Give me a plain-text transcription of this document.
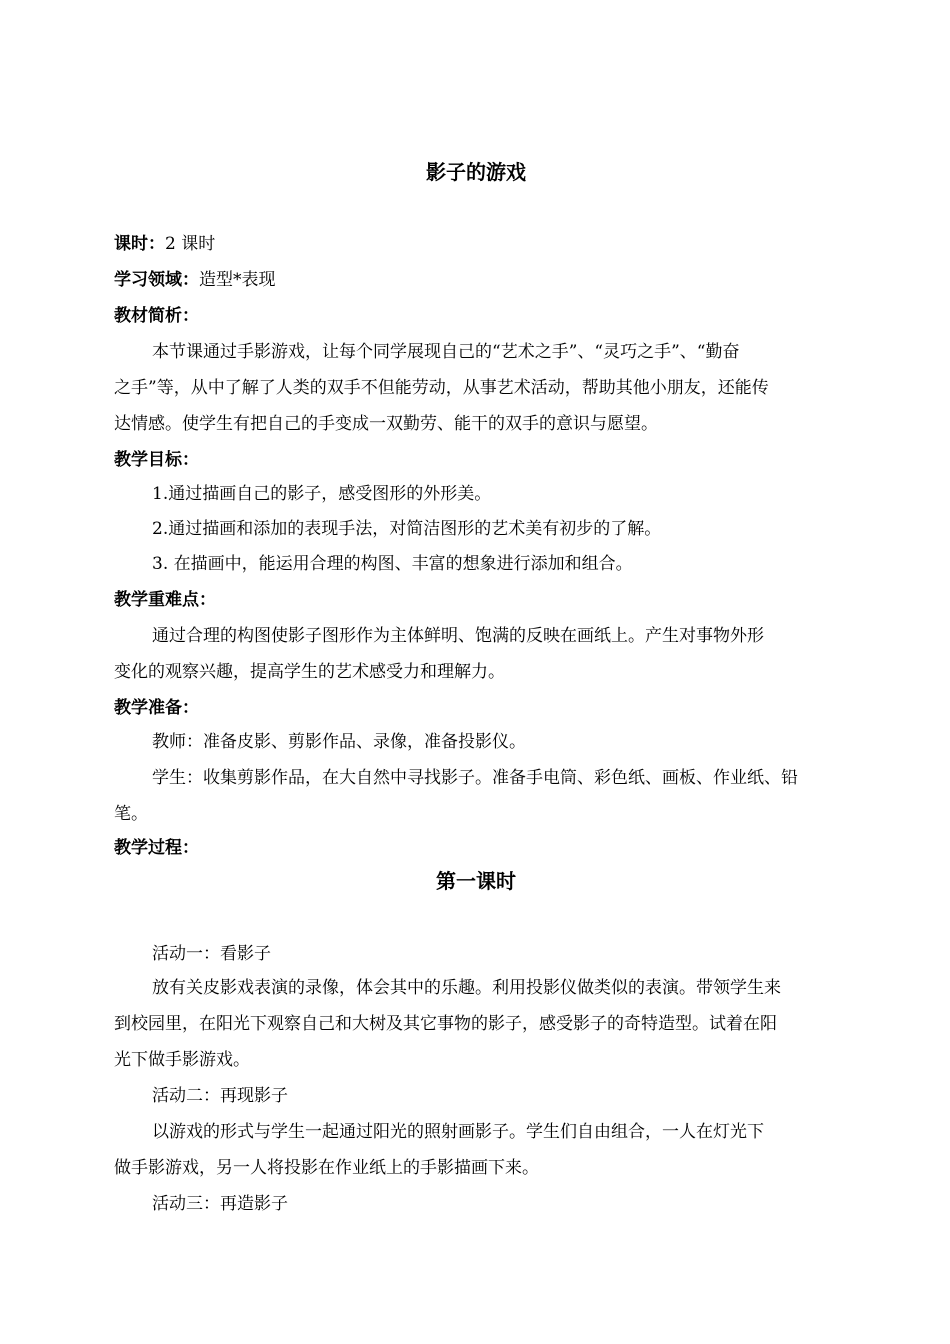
影子的游戏
课时：2 课时
学习领域：造型*表现
教材简析：
本节课通过手影游戏，让每个同学展现自己的“艺术之手”、“灵巧之手”、“勤奋
之手”等，从中了解了人类的双手不但能劳动，从事艺术活动，帮助其他小朋友，还能传
达情感。使学生有把自己的手变成一双勤劳、能干的双手的意识与愿望。
教学目标：
1.通过描画自己的影子，感受图形的外形美。
2.通过描画和添加的表现手法，对简洁图形的艺术美有初步的了解。
3. 在描画中，能运用合理的构图、丰富的想象进行添加和组合。
教学重难点：
通过合理的构图使影子图形作为主体鲜明、饱满的反映在画纸上。产生对事物外形
变化的观察兴趣，提高学生的艺术感受力和理解力。
教学准备：
教师：准备皮影、剪影作品、录像，准备投影仪。
学生：收集剪影作品，在大自然中寻找影子。准备手电筒、彩色纸、画板、作业纸、铅
笔。
教学过程：
第一课时
活动一：看影子
放有关皮影戏表演的录像，体会其中的乐趣。利用投影仪做类似的表演。带领学生来
到校园里，在阳光下观察自己和大树及其它事物的影子，感受影子的奇特造型。试着在阳
光下做手影游戏。
活动二：再现影子
以游戏的形式与学生一起通过阳光的照射画影子。学生们自由组合，一人在灯光下
做手影游戏，另一人将投影在作业纸上的手影描画下来。
活动三：再造影子
